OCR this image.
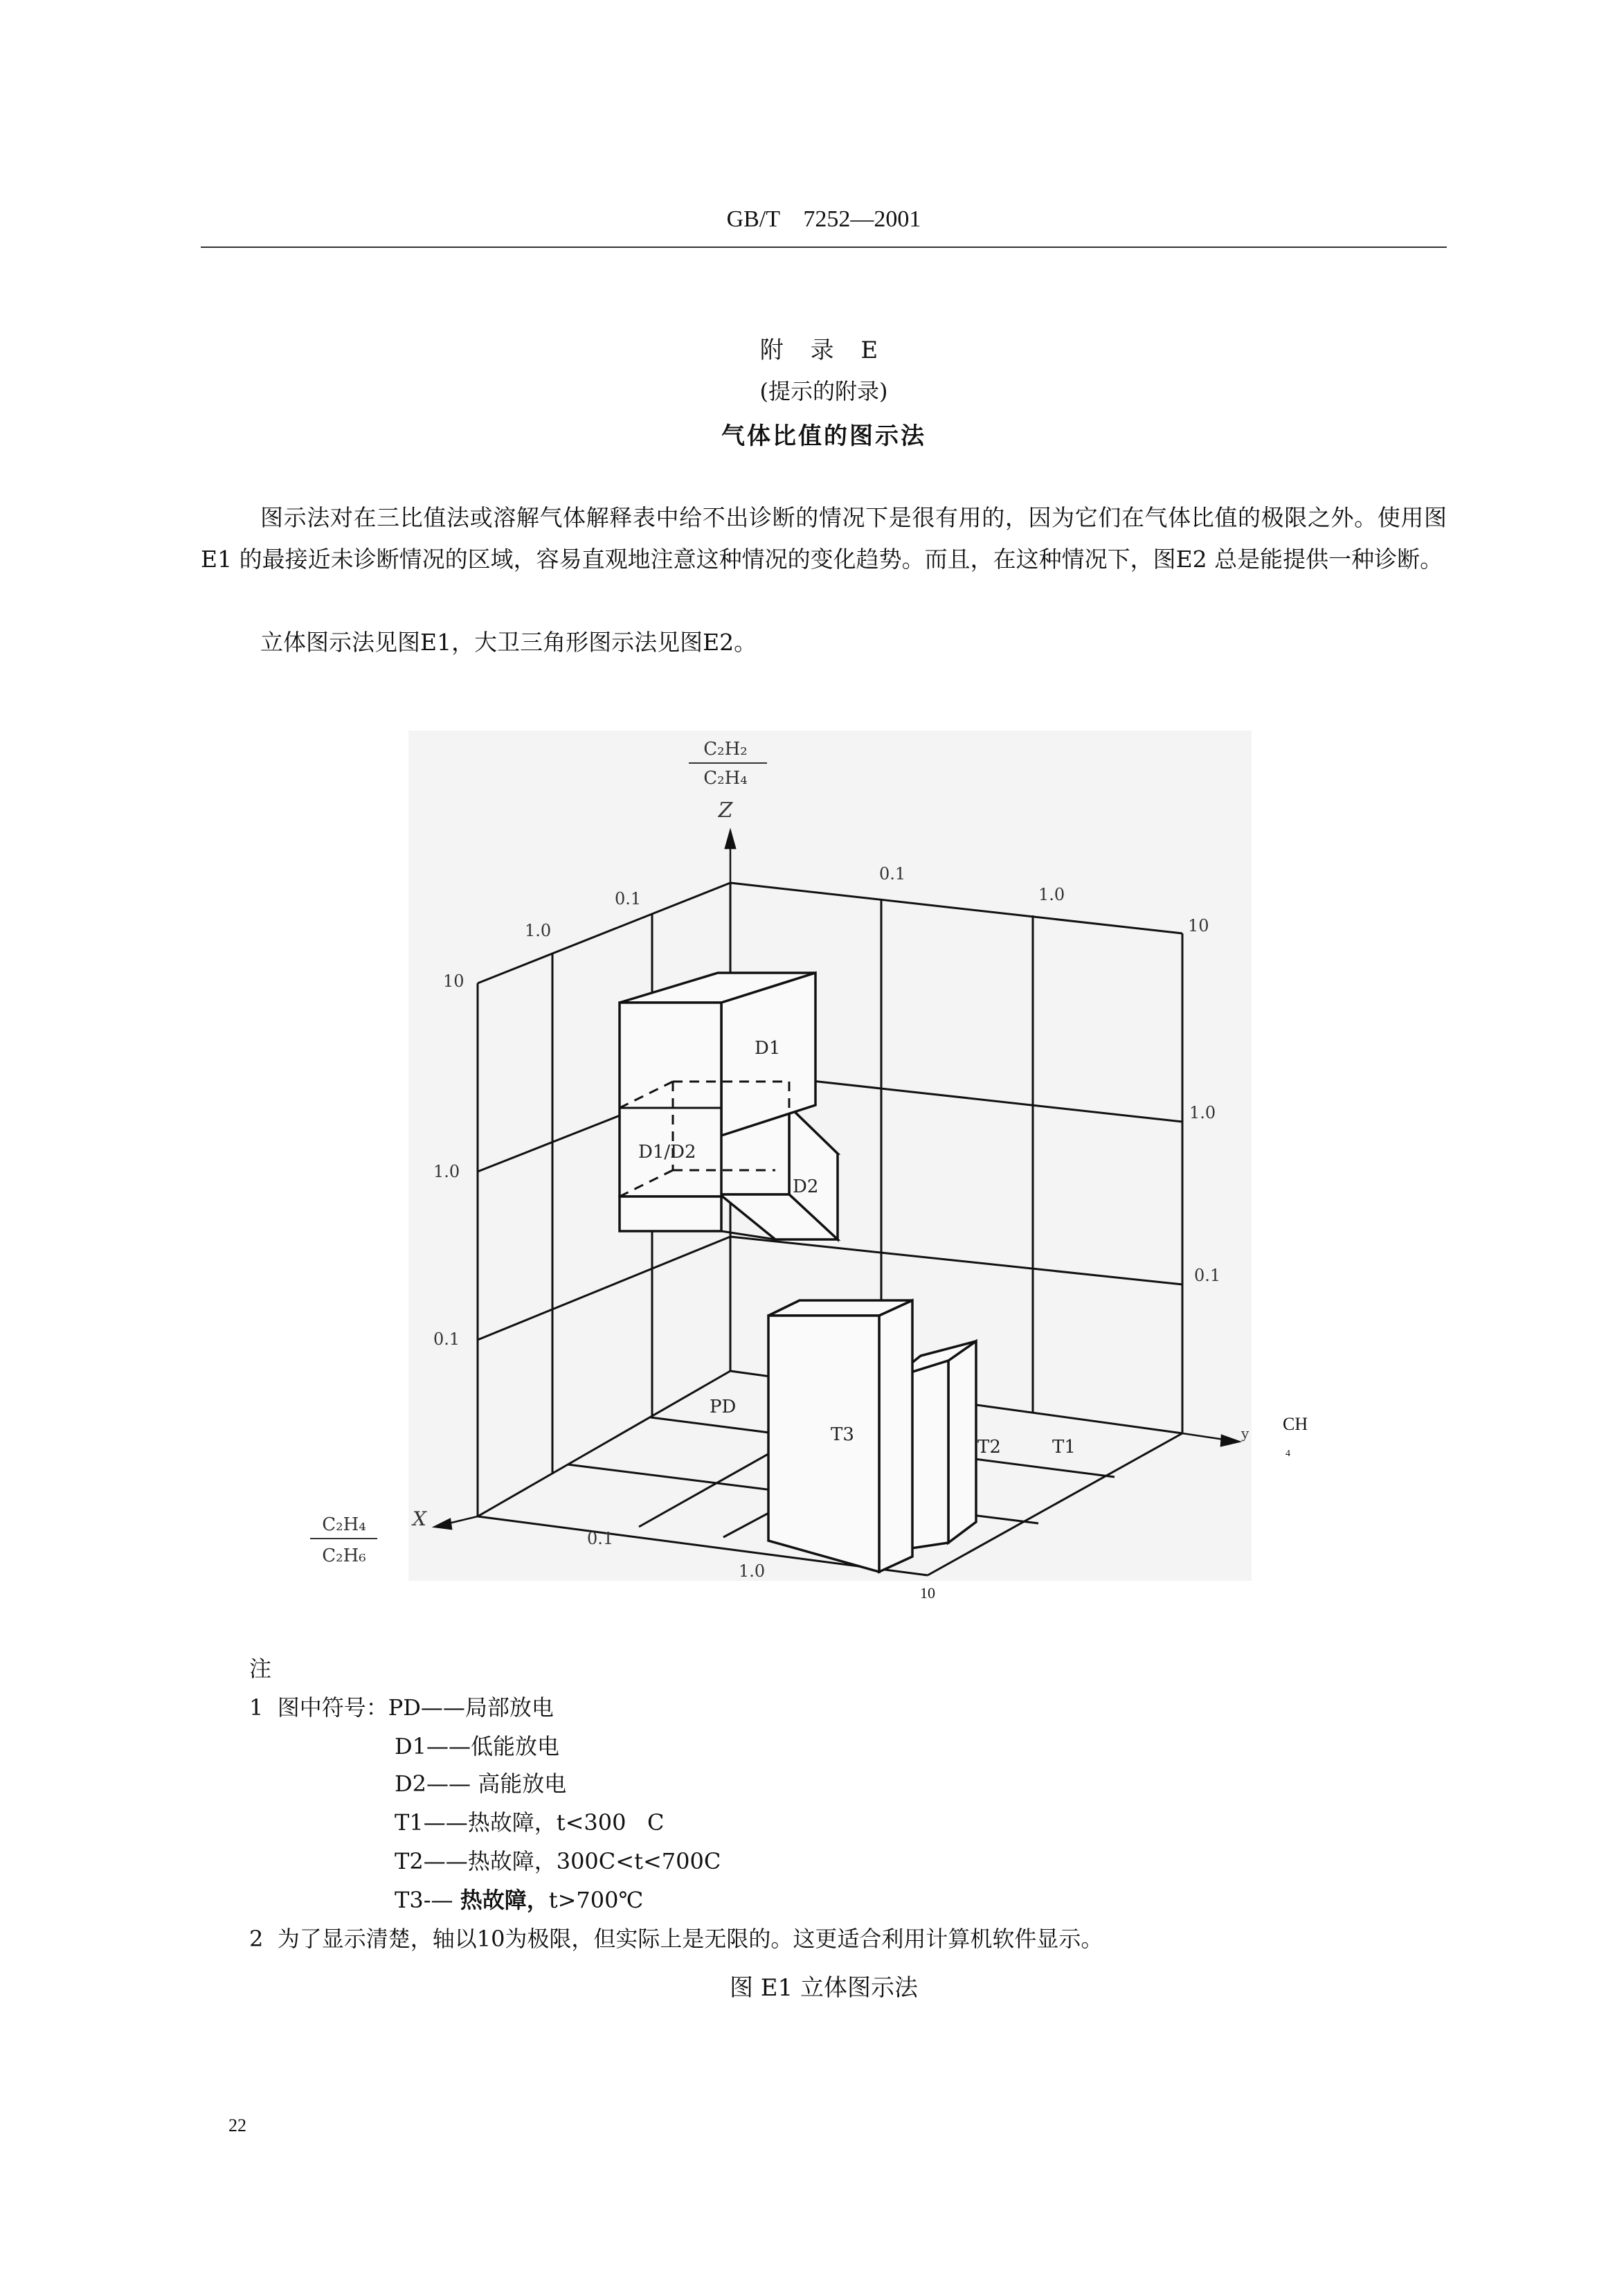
GB/T    7252—2001
附 录 E
(提示的附录)
气体比值的图示法
图示法对在三比值法或溶解气体解释表中给不出诊断的情况下是很有用的，因为它们在气体比值的极限之外。使用图E1 的最接近未诊断情况的区域，容易直观地注意这种情况的变化趋势。而且，在这种情况下，图E2 总是能提供一种诊断。
立体图示法见图E1，大卫三角形图示法见图E2。
C₂H₂
C₂H₄
C₂H₄
C₂H₆
Z
X
y CH
4
10
0.1
1.0
0.1
1.0
10
10
1.0
0.1
1.0
0.1
0.1
1.0
D1
D1/D2
D2
PD
T3
T2	T1
注
1  图中符号：PD——局部放电
D1——低能放电
D2—— 高能放电
T1——热故障，t<300   C
T2——热故障，300C<t<700C
T3-— 热故障，t>700℃
2  为了显示清楚，轴以10为极限，但实际上是无限的。这更适合利用计算机软件显示。
图 E1 立体图示法
22
